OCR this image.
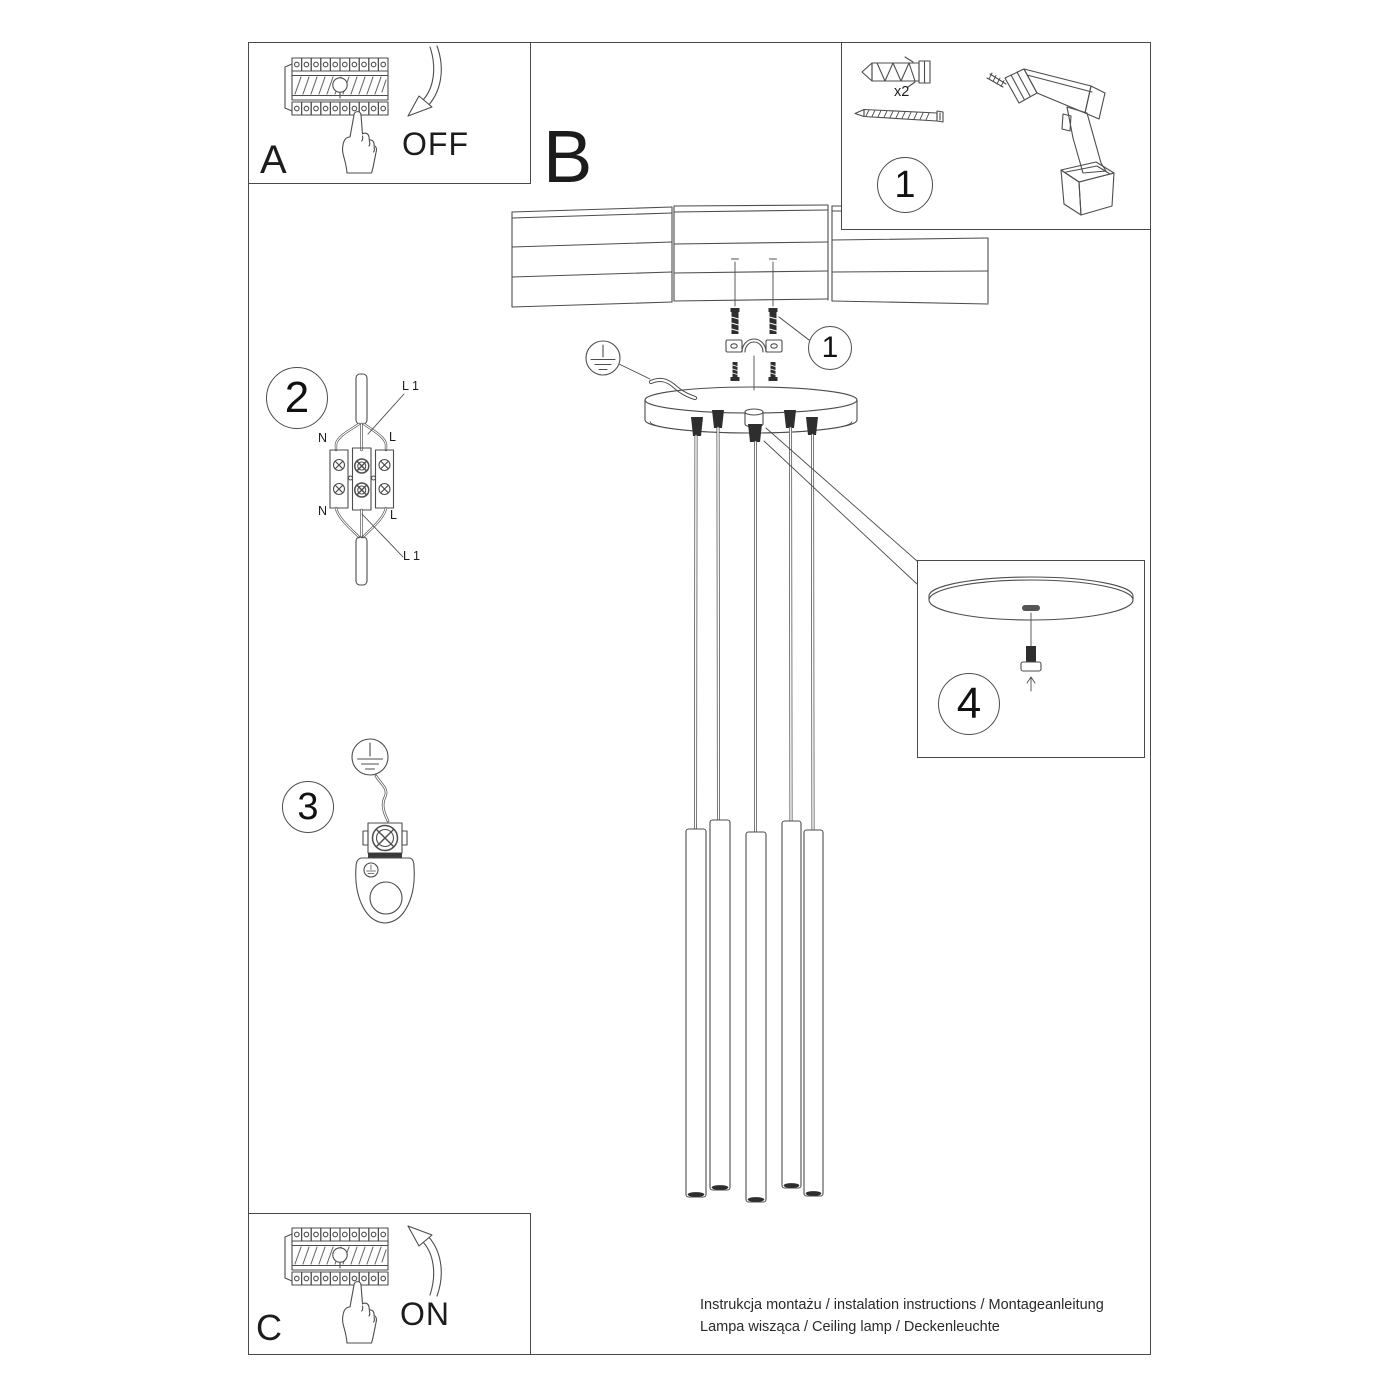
A	OFF B
C	ON
x2
1
1
2
3
4
L 1
N	L
N	L
L 1
Instrukcja montażu / instalation instructions / Montageanleitung
Lampa wisząca / Ceiling lamp / Deckenleuchte
